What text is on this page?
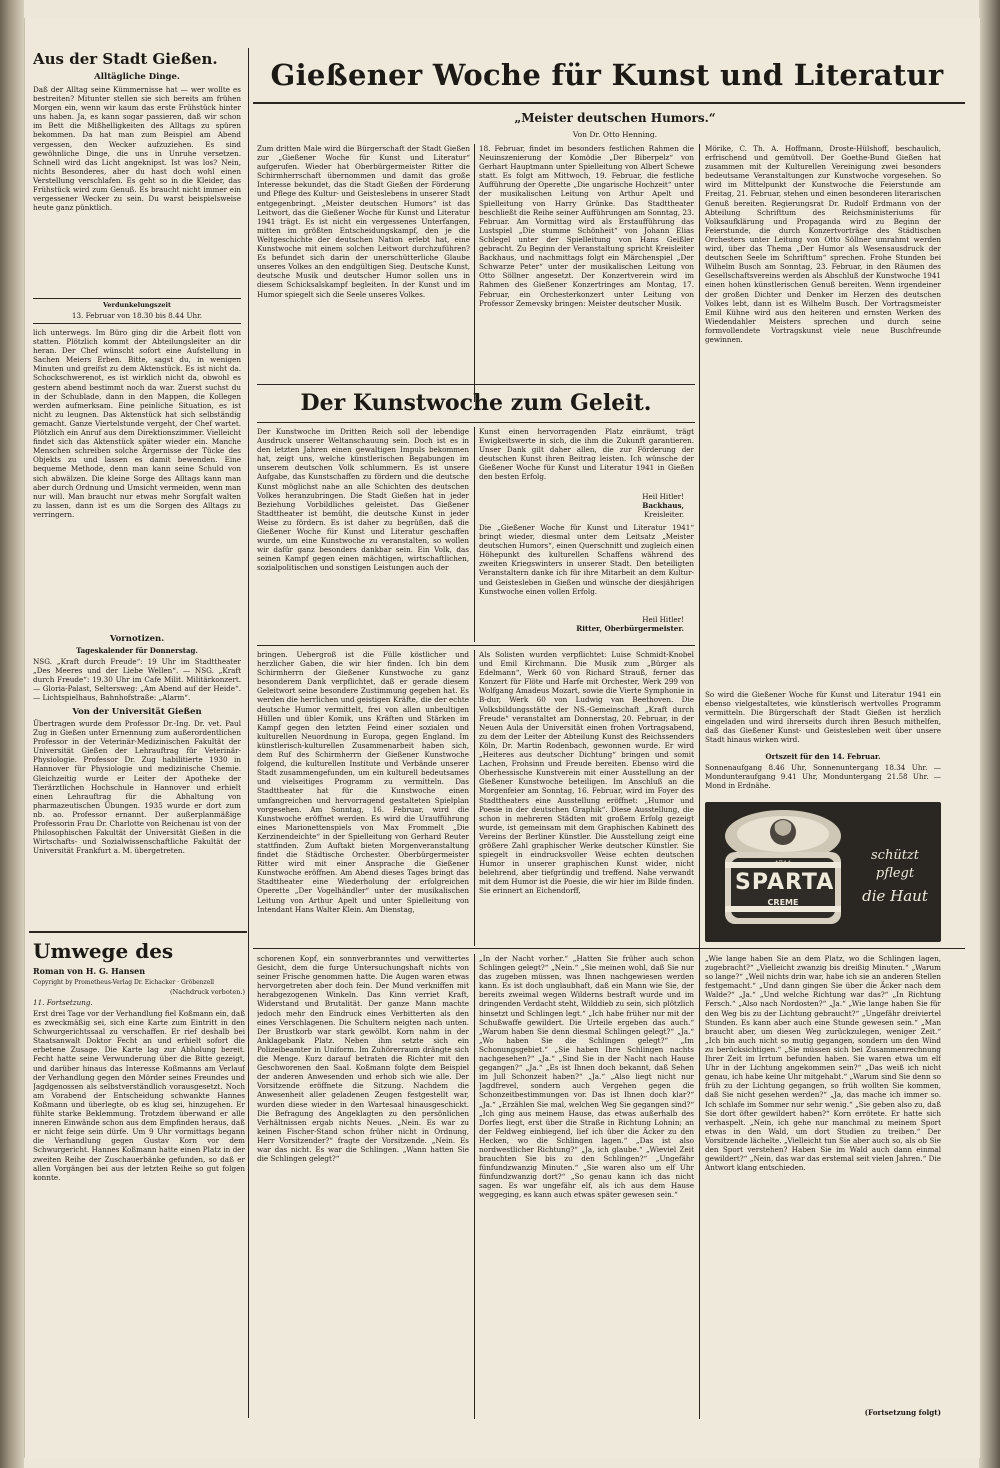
Aus der Stadt Gießen.
Alltägliche Dinge.
Daß der Alltag seine Kümmernisse hat — wer wollte es bestreiten? Mitunter stellen sie sich bereits am frühen Morgen ein, wenn wir kaum das erste Frühstück hinter uns haben. Ja, es kann sogar passieren, daß wir schon im Bett die Mißhelligkeiten des Alltags zu spüren bekommen. Da hat man zum Beispiel am Abend vergessen, den Wecker aufzuziehen. Es sind gewöhnliche Dinge, die uns in Unruhe versetzen. Schnell wird das Licht angeknipst. Ist was los? Nein, nichts Besonderes, aber du hast doch wohl einen Verstellung verschlafen. Es geht so in die Kleider, das Frühstück wird zum Genuß. Es braucht nicht immer ein vergessener Wecker zu sein. Du warst beispielsweise heute ganz pünktlich.
Verdunkelungszeit
13. Februar von 18.30 bis 8.44 Uhr.
lich unterwegs. Im Büro ging dir die Arbeit flott von statten. Plötzlich kommt der Abteilungsleiter an dir heran. Der Chef wünscht sofort eine Aufstellung in Sachen Meiers Erben. Bitte, sagst du, in wenigen Minuten und greifst zu dem Aktenstück. Es ist nicht da. Schockschwerenot, es ist wirklich nicht da, obwohl es gestern abend bestimmt noch da war. Zuerst suchst du in der Schublade, dann in den Mappen, die Kollegen werden aufmerksam. Eine peinliche Situation, es ist nicht zu leugnen. Das Aktenstück hat sich selbständig gemacht. Ganze Viertelstunde vergeht, der Chef wartet. Plötzlich ein Anruf aus dem Direktionszimmer. Vielleicht findet sich das Aktenstück später wieder ein. Manche Menschen schreiben solche Ärgernisse der Tücke des Objekts zu und lassen es damit bewenden. Eine bequeme Methode, denn man kann seine Schuld von sich abwälzen. Die kleine Sorge des Alltags kann man aber durch Ordnung und Umsicht vermeiden, wenn man nur will. Man braucht nur etwas mehr Sorgfalt walten zu lassen, dann ist es um die Sorgen des Alltags zu verringern.
Vornotizen.
Tageskalender für Donnerstag.
NSG. „Kraft durch Freude“: 19 Uhr im Stadttheater „Des Meeres und der Liebe Wellen“. — NSG. „Kraft durch Freude“: 19.30 Uhr im Cafe Milit. Militärkonzert. — Gloria-Palast, Seltersweg: „Am Abend auf der Heide“. — Lichtspielhaus, Bahnhofstraße: „Alarm“.
Von der Universität Gießen
Übertragen wurde dem Professor Dr.-Ing. Dr. vet. Paul Zug in Gießen unter Ernennung zum außerordentlichen Professor in der Veterinär-Medizinischen Fakultät der Universität Gießen der Lehrauftrag für Veterinär-Physiologie. Professor Dr. Zug habilitierte 1930 in Hannover für Physiologie und medizinische Chemie. Gleichzeitig wurde er Leiter der Apotheke der Tierärztlichen Hochschule in Hannover und erhielt einen Lehrauftrag für die Abhaltung von pharmazeutischen Übungen. 1935 wurde er dort zum nb. ao. Professor ernannt. Der außerplanmäßige Professorin Frau Dr. Charlotte von Reichenau ist von der Philosophischen Fakultät der Universität Gießen in die Wirtschafts- und Sozialwissenschaftliche Fakultät der Universität Frankfurt a. M. übergetreten.
Umwege des
Roman von H. G. Hansen
Copyright by Prometheus-Verlag Dr. Eichacker · Gröbenzell
(Nachdruck verboten.)
11. Fortsetzung.
Erst drei Tage vor der Verhandlung fiel Koßmann ein, daß es zweckmäßig sei, sich eine Karte zum Eintritt in den Schwurgerichtssaal zu verschaffen. Er rief deshalb bei Staatsanwalt Doktor Fecht an und erhielt sofort die erbetene Zusage. Die Karte lag zur Abholung bereit. Fecht hatte seine Verwunderung über die Bitte gezeigt, und darüber hinaus das Interesse Koßmanns am Verlauf der Verhandlung gegen den Mörder seines Freundes und Jagdgenossen als selbstverständlich vorausgesetzt. Noch am Vorabend der Entscheidung schwankte Hannes Koßmann und überlegte, ob es klug sei, hinzugehen. Er fühlte starke Beklemmung. Trotzdem überwand er alle inneren Einwände schon aus dem Empfinden heraus, daß er nicht feige sein dürfe. Um 9 Uhr vormittags begann die Verhandlung gegen Gustav Korn vor dem Schwurgericht. Hannes Koßmann hatte einen Platz in der zweiten Reihe der Zuschauerbänke gefunden, so daß er allen Vorgängen bei aus der letzten Reihe so gut folgen konnte.
Gießener Woche für Kunst und Literatur
„Meister deutschen Humors.“
Von Dr. Otto Henning.
Zum dritten Male wird die Bürgerschaft der Stadt Gießen zur „Gießener Woche für Kunst und Literatur“ aufgerufen. Wieder hat Oberbürgermeister Ritter die Schirmherrschaft übernommen und damit das große Interesse bekundet, das die Stadt Gießen der Förderung und Pflege des Kultur- und Geisteslebens in unserer Stadt entgegenbringt. „Meister deutschen Humors“ ist das Leitwort, das die Gießener Woche für Kunst und Literatur 1941 trägt. Es ist nicht ein vergessenes Unterfangen, mitten im größten Entscheidungskampf, den je die Weltgeschichte der deutschen Nation erlebt hat, eine Kunstwoche mit einem solchen Leitwort durchzuführen? Es befundet sich darin der unerschütterliche Glaube unseres Volkes an den endgültigen Sieg. Deutsche Kunst, deutsche Musik und deutscher Humor sollen uns in diesem Schicksalskampf begleiten. In der Kunst und im Humor spiegelt sich die Seele unseres Volkes.
18. Februar, findet im besonders festlichen Rahmen die Neuinszenierung der Komödie „Der Biberpelz“ von Gerhart Hauptmann unter Spielleitung von Albert Schewe statt. Es folgt am Mittwoch, 19. Februar, die festliche Aufführung der Operette „Die ungarische Hochzeit“ unter der musikalischen Leitung von Arthur Apelt und Spielleitung von Harry Grünke. Das Stadttheater beschließt die Reihe seiner Aufführungen am Sonntag, 23. Februar. Am Vormittag wird als Erstaufführung das Lustspiel „Die stumme Schönheit“ von Johann Elias Schlegel unter der Spielleitung von Hans Geißler gebracht. Zu Beginn der Veranstaltung spricht Kreisleiter Backhaus, und nachmittags folgt ein Märchenspiel „Der Schwarze Peter“ unter der musikalischen Leitung von Otto Söllner angesetzt. Der Konzertverein wird im Rahmen des Gießener Konzertringes am Montag, 17. Februar, ein Orchesterkonzert unter Leitung von Professor Zemevsky bringen: Meister deutscher Musik.
Mörike, C. Th. A. Hoffmann, Droste-Hülshoff, beschaulich, erfrischend und gemütvoll. Der Goethe-Bund Gießen hat zusammen mit der Kulturellen Vereinigung zwei besonders bedeutsame Veranstaltungen zur Kunstwoche vorgesehen. So wird im Mittelpunkt der Kunstwoche die Feierstunde am Freitag, 21. Februar, stehen und einen besonderen literarischen Genuß bereiten. Regierungsrat Dr. Rudolf Erdmann von der Abteilung Schrifttum des Reichsministeriums für Volksaufklärung und Propaganda wird zu Beginn der Feierstunde, die durch Konzertvorträge des Städtischen Orchesters unter Leitung von Otto Söllner umrahmt werden wird, über das Thema „Der Humor als Wesensausdruck der deutschen Seele im Schrifttum“ sprechen. Frohe Stunden bei Wilhelm Busch am Sonntag, 23. Februar, in den Räumen des Gesellschaftsvereins werden als Abschluß der Kunstwoche 1941 einen hohen künstlerischen Genuß bereiten. Wenn irgendeiner der großen Dichter und Denker im Herzen des deutschen Volkes lebt, dann ist es Wilhelm Busch. Der Vortragsmeister Emil Kühne wird aus den heiteren und ernsten Werken des Wiedendahler Meisters sprechen und durch seine formvollendete Vortragskunst viele neue Buschfreunde gewinnen.
So wird die Gießener Woche für Kunst und Literatur 1941 ein ebenso vielgestaltetes, wie künstlerisch wertvolles Programm vermitteln. Die Bürgerschaft der Stadt Gießen ist herzlich eingeladen und wird ihrerseits durch ihren Besuch mithelfen, daß das Gießener Kunst- und Geistesleben weit über unsere Stadt hinaus wirken wird.
Der Kunstwoche zum Geleit.
Der Kunstwoche im Dritten Reich soll der lebendige Ausdruck unserer Weltanschauung sein. Doch ist es in den letzten Jahren einen gewaltigen Impuls bekommen hat, zeigt uns, welche künstlerischen Begabungen im unserem deutschen Volk schlummern. Es ist unsere Aufgabe, das Kunstschaffen zu fördern und die deutsche Kunst möglichst nahe an alle Schichten des deutschen Volkes heranzubringen. Die Stadt Gießen hat in jeder Beziehung Vorbildliches geleistet. Das Gießener Stadttheater ist bemüht, die deutsche Kunst in jeder Weise zu fördern. Es ist daher zu begrüßen, daß die Gießener Woche für Kunst und Literatur geschaffen wurde, um eine Kunstwoche zu veranstalten, so wollen wir dafür ganz besonders dankbar sein. Ein Volk, das seinen Kampf gegen einen mächtigen, wirtschaftlichen, sozialpolitischen und sonstigen Leistungen auch der
Kunst einen hervorragenden Platz einräumt, trägt Ewigkeitswerte in sich, die ihm die Zukunft garantieren. Unser Dank gilt daher allen, die zur Förderung der deutschen Kunst ihren Beitrag leisten. Ich wünsche der Gießener Woche für Kunst und Literatur 1941 in Gießen den besten Erfolg.
Heil Hitler!
Backhaus,
Kreisleiter.
Die „Gießener Woche für Kunst und Literatur 1941“ bringt wieder, diesmal unter dem Leitsatz „Meister deutschen Humors“, einen Querschnitt und zugleich einen Höhepunkt des kulturellen Schaffens während des zweiten Kriegswinters in unserer Stadt. Den beteiligten Veranstaltern danke ich für ihre Mitarbeit an dem Kultur- und Geistesleben in Gießen und wünsche der diesjährigen Kunstwoche einen vollen Erfolg.
Heil Hitler!
Ritter, Oberbürgermeister.
bringen. Uebergroß ist die Fülle köstlicher und herzlicher Gaben, die wir hier finden. Ich bin dem Schirmherrn der Gießener Kunstwoche zu ganz besonderem Dank verpflichtet, daß er gerade diesem Geleitwort seine besondere Zustimmung gegeben hat. Es werden die herrlichen und geistigen Kräfte, die der echte deutsche Humor vermittelt, frei von allen unbeultigen Hüllen und übler Komik, uns Kräften und Stärken im Kampf gegen den letzten Feind einer sozialen und kulturellen Neuordnung in Europa, gegen England. Im künstlerisch-kulturellen Zusammenarbeit haben sich, dem Ruf des Schirmherrn der Gießener Kunstwoche folgend, die kulturellen Institute und Verbände unserer Stadt zusammengefunden, um ein kulturell bedeutsames und vielseitiges Programm zu vermitteln. Das Stadttheater hat für die Kunstwoche einen umfangreichen und hervorragend gestalteten Spielplan vorgesehen. Am Sonntag, 16. Februar, wird die Kunstwoche eröffnet werden. Es wird die Uraufführung eines Marionettenspiels von Max Frommelt „Die Kerzinendeichte“ in der Spielleitung von Gerhard Reuter stattfinden. Zum Auftakt bieten Morgenveranstaltung findet die Städtische Orchester. Oberbürgermeister Ritter wird mit einer Ansprache die Gießener Kunstwoche eröffnen. Am Abend dieses Tages bringt das Stadttheater eine Wiederholung der erfolgreichen Operette „Der Vogelhändler“ unter der musikalischen Leitung von Arthur Apelt und unter Spielleitung von Intendant Hans Walter Klein. Am Dienstag,
Als Solisten wurden verpflichtet: Luise Schmidt-Knobel und Emil Kirchmann. Die Musik zum „Bürger als Edelmann“, Werk 60 von Richard Strauß, ferner das Konzert für Flöte und Harfe mit Orchester, Werk 299 von Wolfgang Amadeus Mozart, sowie die Vierte Symphonie in B-dur, Werk 60 von Ludwig van Beethoven. Die Volksbildungsstätte der NS.-Gemeinschaft „Kraft durch Freude“ veranstaltet am Donnerstag, 20. Februar, in der Neuen Aula der Universität einen frohen Vortragsabend, zu dem der Leiter der Abteilung Kunst des Reichssenders Köln, Dr. Martin Rodenbach, gewonnen wurde. Er wird „Heiteres aus deutscher Dichtung“ bringen und somit Lachen, Frohsinn und Freude bereiten. Ebenso wird die Oberhessische Kunstverein mit einer Ausstellung an der Gießener Kunstwoche beteiligen. Im Anschluß an die Morgenfeier am Sonntag, 16. Februar, wird im Foyer des Stadttheaters eine Ausstellung eröffnet: „Humor und Poesie in der deutschen Graphik“. Diese Ausstellung, die schon in mehreren Städten mit großem Erfolg gezeigt wurde, ist gemeinsam mit dem Graphischen Kabinett des Vereins der Berliner Künstler. Die Ausstellung zeigt eine größere Zahl graphischer Werke deutscher Künstler. Sie spiegelt in eindrucksvoller Weise echten deutschen Humor in unserer graphischen Kunst wider, nicht belehrend, aber tiefgründig und treffend. Nahe verwandt mit dem Humor ist die Poesie, die wir hier im Bilde finden. Sie erinnert an Eichendorff,
Ortszeit für den 14. Februar.
Sonnenaufgang 8.46 Uhr, Sonnenuntergang 18.34 Uhr. — Mondunteraufgang 9.41 Uhr, Monduntergang 21.58 Uhr. — Mond in Erdnähe.
SPARTA
4711
CREME
schützt
pflegt
die Haut
schorenen Kopf, ein sonnverbranntes und verwittertes Gesicht, dem die furge Untersuchungshaft nichts von seiner Frische genommen hatte. Die Augen waren etwas hervorgetreten aber doch fein. Der Mund verkniffen mit herabgezogenen Winkeln. Das Kinn verriet Kraft, Widerstand und Brutalität. Der ganze Mann machte jedoch mehr den Eindruck eines Verbitterten als den eines Verschlagenen. Die Schultern neigten nach unten. Der Brustkorb war stark gewölbt. Korn nahm in der Anklagebank Platz. Neben ihm setzte sich ein Polizeibeamter in Uniform. Im Zuhörerraum drängte sich die Menge. Kurz darauf betraten die Richter mit den Geschworenen den Saal. Koßmann folgte dem Beispiel der anderen Anwesenden und erhob sich wie alle. Der Vorsitzende eröffnete die Sitzung. Nachdem die Anwesenheit aller geladenen Zeugen festgestellt war, wurden diese wieder in den Wartesaal hinausgeschickt. Die Befragung des Angeklagten zu den persönlichen Verhältnissen ergab nichts Neues. „Nein. Es war zu keinen Fischer-Stand schon früher nicht in Ordnung, Herr Vorsitzender?“ fragte der Vorsitzende. „Nein. Es war das nicht. Es war die Schlingen. „Wann hatten Sie die Schlingen gelegt?“
„In der Nacht vorher.“ „Hatten Sie früher auch schon Schlingen gelegt?“ „Nein.“ „Sie meinen wohl, daß Sie nur das zugeben müssen, was Ihnen nachgewiesen werden kann. Es ist doch unglaubhaft, daß ein Mann wie Sie, der bereits zweimal wegen Wilderns bestraft wurde und im dringenden Verdacht steht, Wilddieb zu sein, sich plötzlich hinsetzt und Schlingen legt.“ „Ich habe früher nur mit der Schußwaffe gewildert. Die Urteile ergeben das auch.“ „Warum haben Sie denn diesmal Schlingen gelegt?“ „Ja.“ „Wo haben Sie die Schlingen gelegt?“ „Im Schonungsgebiet.“ „Sie haben Ihre Schlingen nachts nachgesehen?“ „Ja.“ „Sind Sie in der Nacht nach Hause gegangen?“ „Ja.“ „Es ist Ihnen doch bekannt, daß Sehen im Jull Schonzeit haben?“ „Ja.“ „Also liegt nicht nur Jagdfrevel, sondern auch Vergehen gegen die Schonzeitbestimmungen vor. Das ist Ihnen doch klar?“ „Ja.“ „Erzählen Sie mal, welchen Weg Sie gegangen sind?“ „Ich ging aus meinem Hause, das etwas außerhalb des Dorfes liegt, erst über die Straße in Richtung Lohnin; an der Feldweg einbiegend, lief ich über die Äcker zu den Hecken, wo die Schlingen lagen.“ „Das ist also nordwestlicher Richtung?“ „Ja, ich glaube.“ „Wieviel Zeit brauchten Sie bis zu den Schlingen?“ „Ungefähr fünfundzwanzig Minuten.“ „Sie waren also um elf Uhr fünfundzwanzig dort?“ „So genau kann ich das nicht sagen. Es war ungefähr elf, als ich aus dem Hause weggeging, es kann auch etwas später gewesen sein.“
„Wie lange haben Sie an dem Platz, wo die Schlingen lagen, zugebracht?“ „Vielleicht zwanzig bis dreißig Minuten.“ „Warum so lange?“ „Weil nichts drin war, habe ich sie an anderen Stellen festgemacht.“ „Und dann gingen Sie über die Äcker nach dem Walde?“ „Ja.“ „Und welche Richtung war das?“ „In Richtung Fersch.“ „Also nach Nordosten?“ „Ja.“ „Wie lange haben Sie für den Weg bis zu der Lichtung gebraucht?“ „Ungefähr dreiviertel Stunden. Es kann aber auch eine Stunde gewesen sein.“ „Man braucht aber, um diesen Weg zurückzulegen, weniger Zeit.“ „Ich bin auch nicht so mutig gegangen, sondern um den Wind zu berücksichtigen.“ „Sie müssen sich bei Zusammenrechnung Ihrer Zeit im Irrtum befunden haben. Sie waren etwa um elf Uhr in der Lichtung angekommen sein?“ „Das weiß ich nicht genau, ich habe keine Uhr mitgehabt.“ „Warum sind Sie denn so früh zu der Lichtung gegangen, so früh wollten Sie kommen, daß Sie nicht gesehen werden?“ „Ja, das mache ich immer so. Ich schlafe im Sommer nur sehr wenig.“ „Sie geben also zu, daß Sie dort öfter gewildert haben?“ Korn errötete. Er hatte sich verhaspelt. „Nein, ich gehe nur manchmal zu meinem Sport etwas in den Wald, um dort Studien zu treiben.“ Der Vorsitzende lächelte. „Vielleicht tun Sie aber auch so, als ob Sie den Sport verstehen? Haben Sie im Wald auch dann einmal gewildert?“ „Nein, das war das erstemal seit vielen Jahren.“ Die Antwort klang entschieden.
(Fortsetzung folgt)
